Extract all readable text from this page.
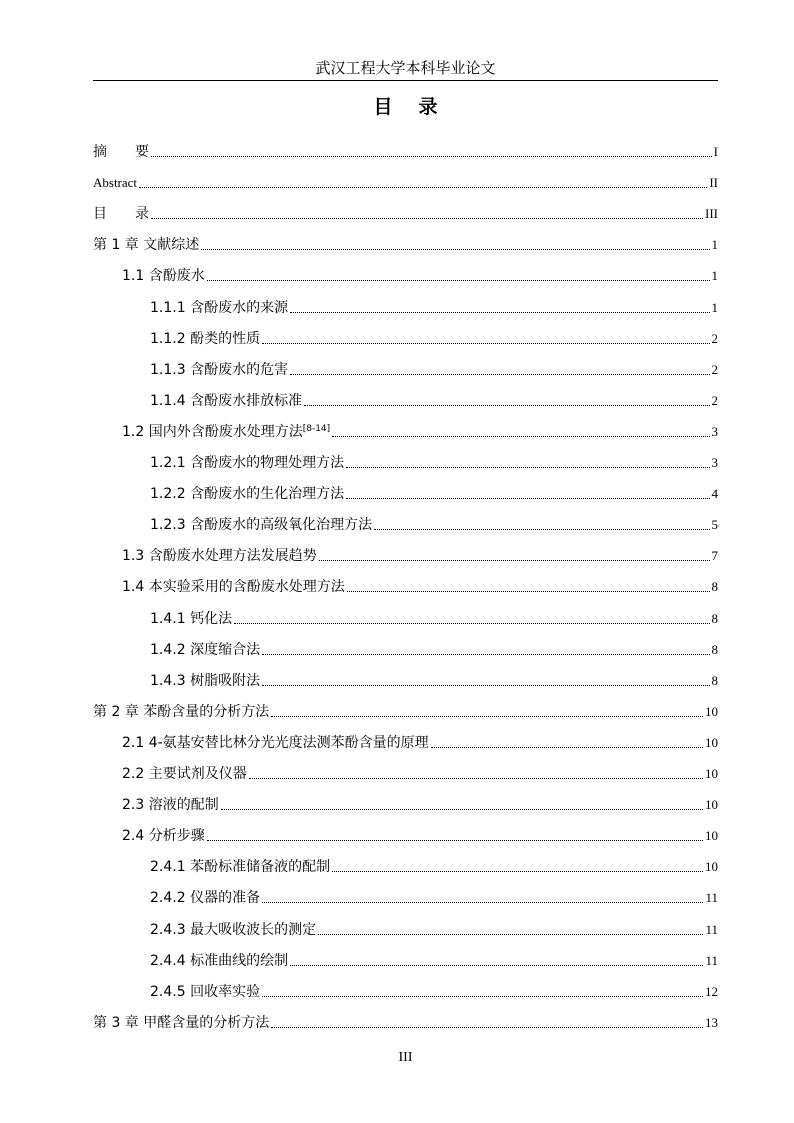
武汉工程大学本科毕业论文
目录
摘　　要	I
Abstract	II
目　　录	III
第 1 章 文献综述	1
1.1 含酚废水	1
1.1.1 含酚废水的来源	1
1.1.2 酚类的性质	2
1.1.3 含酚废水的危害	2
1.1.4 含酚废水排放标准	2
1.2 国内外含酚废水处理方法[8-14]	3
1.2.1 含酚废水的物理处理方法	3
1.2.2 含酚废水的生化治理方法	4
1.2.3 含酚废水的高级氧化治理方法	5
1.3 含酚废水处理方法发展趋势	7
1.4 本实验采用的含酚废水处理方法	8
1.4.1 钙化法	8
1.4.2 深度缩合法	8
1.4.3 树脂吸附法	8
第 2 章 苯酚含量的分析方法	10
2.1 4-氨基安替比林分光光度法测苯酚含量的原理	10
2.2 主要试剂及仪器	10
2.3 溶液的配制	10
2.4 分析步骤	10
2.4.1 苯酚标准储备液的配制	10
2.4.2 仪器的准备	11
2.4.3 最大吸收波长的测定	11
2.4.4 标准曲线的绘制	11
2.4.5 回收率实验	12
第 3 章 甲醛含量的分析方法	13
III
